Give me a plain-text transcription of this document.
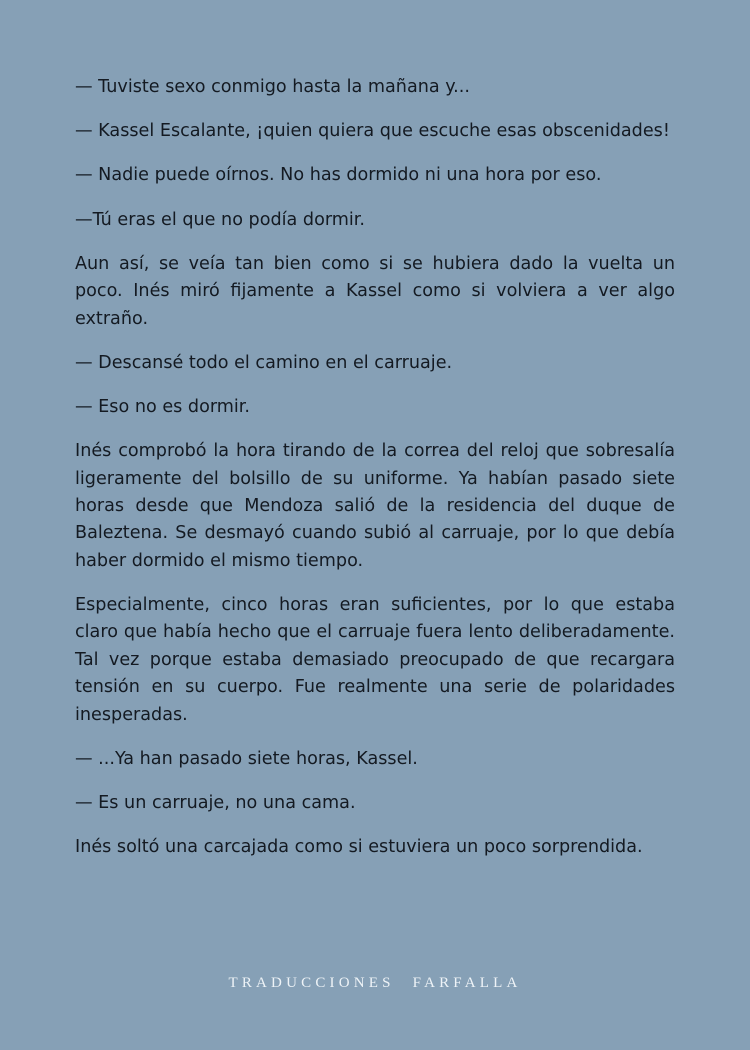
— Tuviste sexo conmigo hasta la mañana y...

— Kassel Escalante, ¡quien quiera que escuche esas obscenidades!

— Nadie puede oírnos. No has dormido ni una hora por eso.

—Tú eras el que no podía dormir.

Aun así, se veía tan bien como si se hubiera dado la vuelta un poco. Inés miró fijamente a Kassel como si volviera a ver algo extraño.

— Descansé todo el camino en el carruaje.

— Eso no es dormir.

Inés comprobó la hora tirando de la correa del reloj que sobresalía ligeramente del bolsillo de su uniforme. Ya habían pasado siete horas desde que Mendoza salió de la residencia del duque de Baleztena. Se desmayó cuando subió al carruaje, por lo que debía haber dormido el mismo tiempo.

Especialmente, cinco horas eran suficientes, por lo que estaba claro que había hecho que el carruaje fuera lento deliberadamente. Tal vez porque estaba demasiado preocupado de que recargara tensión en su cuerpo. Fue realmente una serie de polaridades inesperadas.

— ...Ya han pasado siete horas, Kassel.

— Es un carruaje, no una cama.

Inés soltó una carcajada como si estuviera un poco sorprendida.

TRADUCCIONES FARFALLA
